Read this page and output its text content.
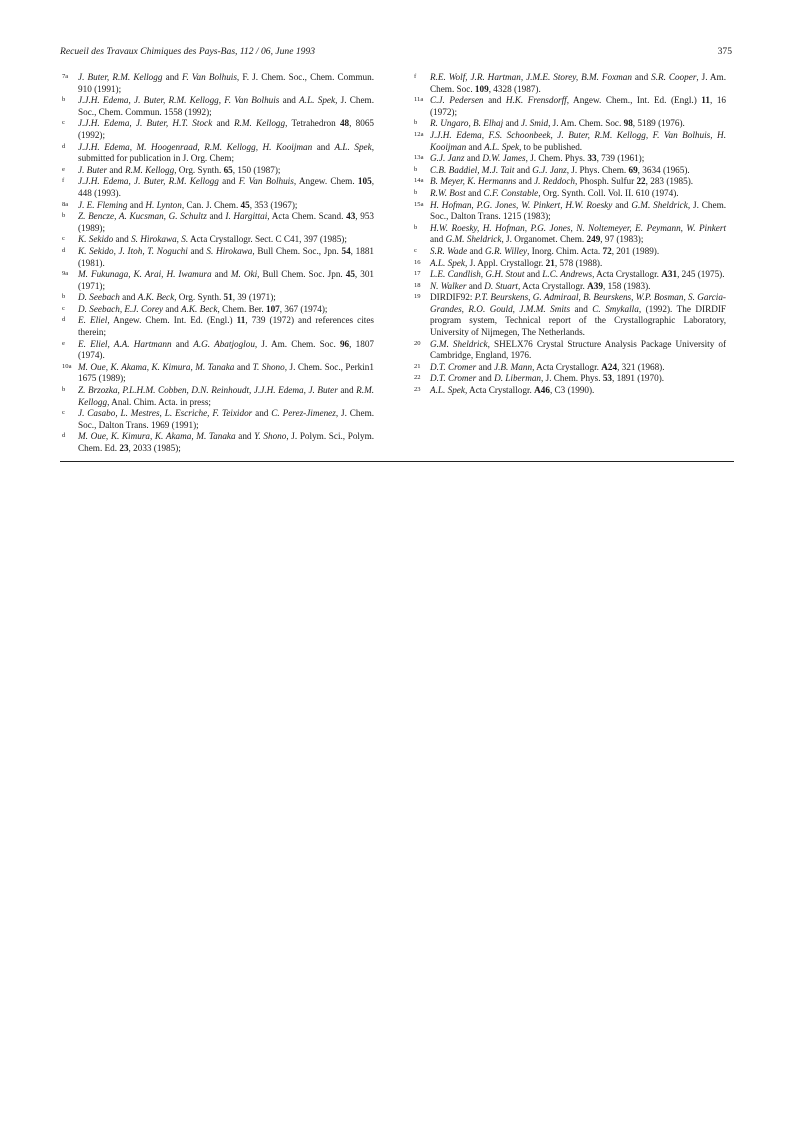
Recueil des Travaux Chimiques des Pays-Bas, 112 / 06, June 1993	375

7a	J. Buter, R.M. Kellogg and F. Van Bolhuis, F. J. Chem. Soc., Chem. Commun. 910 (1991);

b	J.J.H. Edema, J. Buter, R.M. Kellogg, F. Van Bolhuis and A.L. Spek, J. Chem. Soc., Chem. Commun. 1558 (1992);

c	J.J.H. Edema, J. Buter, H.T. Stock and R.M. Kellogg, Tetrahedron 48, 8065 (1992);

d	J.J.H. Edema, M. Hoogenraad, R.M. Kellogg, H. Kooijman and A.L. Spek, submitted for publication in J. Org. Chem;

e	J. Buter and R.M. Kellogg, Org. Synth. 65, 150 (1987);

f	J.J.H. Edema, J. Buter, R.M. Kellogg and F. Van Bolhuis, Angew. Chem. 105, 448 (1993).

8a	J. E. Fleming and H. Lynton, Can. J. Chem. 45, 353 (1967);

b	Z. Bencze, A. Kucsman, G. Schultz and I. Hargittai, Acta Chem. Scand. 43, 953 (1989);

c	K. Sekido and S. Hirokawa, S. Acta Crystallogr. Sect. C C41, 397 (1985);

d	K. Sekido, J. Itoh, T. Noguchi and S. Hirokawa, Bull Chem. Soc., Jpn. 54, 1881 (1981).

9a	M. Fukunaga, K. Arai, H. Iwamura and M. Oki, Bull Chem. Soc. Jpn. 45, 301 (1971);

b	D. Seebach and A.K. Beck, Org. Synth. 51, 39 (1971);

c	D. Seebach, E.J. Corey and A.K. Beck, Chem. Ber. 107, 367 (1974);

d	E. Eliel, Angew. Chem. Int. Ed. (Engl.) 11, 739 (1972) and references cites therein;

e	E. Eliel, A.A. Hartmann and A.G. Abatjoglou, J. Am. Chem. Soc. 96, 1807 (1974).

10a M. Oue, K. Akama, K. Kimura, M. Tanaka and T. Shono, J. Chem. Soc., Perkin1 1675 (1989);

b	Z. Brzozka, P.L.H.M. Cobben, D.N. Reinhoudt, J.J.H. Edema, J. Buter and R.M. Kellogg, Anal. Chim. Acta. in press;

c	J. Casabo, L. Mestres, L. Escriche, F. Teixidor and C. Perez-Jimenez, J. Chem. Soc., Dalton Trans. 1969 (1991);

d	M. Oue, K. Kimura, K. Akama, M. Tanaka and Y. Shono, J. Polym. Sci., Polym. Chem. Ed. 23, 2033 (1985);

f	R.E. Wolf, J.R. Hartman, J.M.E. Storey, B.M. Foxman and S.R. Cooper, J. Am. Chem. Soc. 109, 4328 (1987).

11a C.J. Pedersen and H.K. Frensdorff, Angew. Chem., Int. Ed. (Engl.) 11, 16 (1972);

b	R. Ungaro, B. Elhaj and J. Smid, J. Am. Chem. Soc. 98, 5189 (1976).

12a J.J.H. Edema, F.S. Schoonbeek, J. Buter, R.M. Kellogg, F. Van Bolhuis, H. Kooijman and A.L. Spek, to be published.

13a G.J. Janz and D.W. James, J. Chem. Phys. 33, 739 (1961);

b	C.B. Baddiel, M.J. Tait and G.J. Janz, J. Phys. Chem. 69, 3634 (1965).

14a B. Meyer, K. Hermanns and J. Reddoch, Phosph. Sulfur 22, 283 (1985).

b	R.W. Bost and C.F. Constable, Org. Synth. Coll. Vol. II. 610 (1974).

15a H. Hofman, P.G. Jones, W. Pinkert, H.W. Roesky and G.M. Sheldrick, J. Chem. Soc., Dalton Trans. 1215 (1983);

b	H.W. Roesky, H. Hofman, P.G. Jones, N. Noltemeyer, E. Peymann, W. Pinkert and G.M. Sheldrick, J. Organomet. Chem. 249, 97 (1983);

c	S.R. Wade and G.R. Willey, Inorg. Chim. Acta. 72, 201 (1989).

16	A.L. Spek, J. Appl. Crystallogr. 21, 578 (1988).

17	L.E. Candlish, G.H. Stout and L.C. Andrews, Acta Crystallogr. A31, 245 (1975).

18	N. Walker and D. Stuart, Acta Crystallogr. A39, 158 (1983).

19	DIRDIF92: P.T. Beurskens, G. Admiraal, B. Beurskens, W.P. Bosman, S. Garcia-Grandes, R.O. Gould, J.M.M. Smits and C. Smykalla, (1992). The DIRDIF program system, Technical report of the Crystallographic Laboratory, University of Nijmegen, The Netherlands.

20	G.M. Sheldrick, SHELX76 Crystal Structure Analysis Package University of Cambridge, England, 1976.

21	D.T. Cromer and J.B. Mann, Acta Crystallogr. A24, 321 (1968).

22	D.T. Cromer and D. Liberman, J. Chem. Phys. 53, 1891 (1970).

23	A.L. Spek, Acta Crystallogr. A46, C3 (1990).
